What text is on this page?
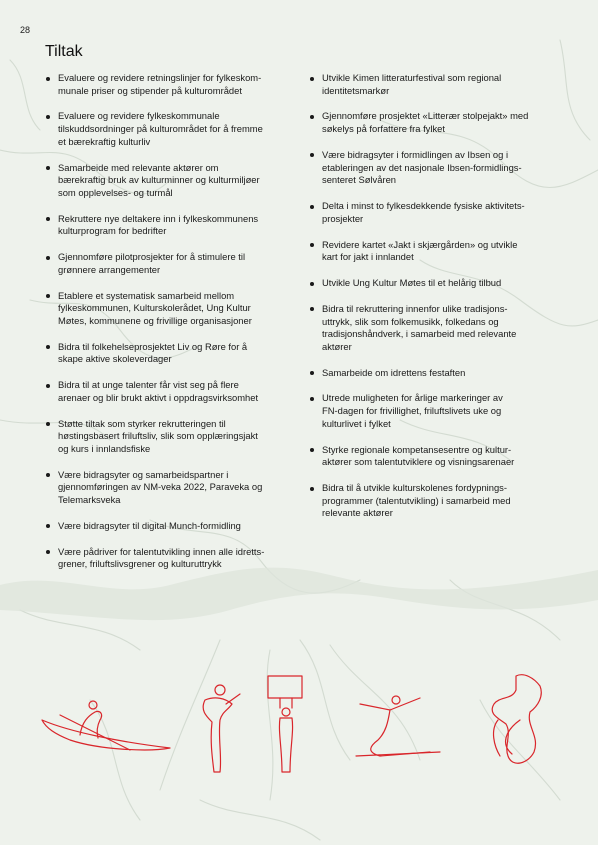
28
Tiltak
Evaluere og revidere retningslinjer for fylkeskom-
munale priser og stipender på kulturområdet
Evaluere og revidere fylkeskommunale
tilskuddsordninger på kulturområdet for å fremme
et bærekraftig kulturliv
Samarbeide med relevante aktører om
bærekraftig bruk av kulturminner og kulturmiljøer
som opplevelses- og turmål
Rekruttere nye deltakere inn i fylkeskommunens
kulturprogram for bedrifter
Gjennomføre pilotprosjekter for å stimulere til
grønnere arrangementer
Etablere et systematisk samarbeid mellom
fylkeskommunen, Kulturskolerådet, Ung Kultur
Møtes, kommunene og frivillige organisasjoner
Bidra til folkehelseprosjektet Liv og Røre for å
skape aktive skoleverdager
Bidra til at unge talenter får vist seg på flere
arenaer og blir brukt aktivt i oppdragsvirksomhet
Støtte tiltak som styrker rekrutteringen til
høstingsbasert friluftsliv, slik som opplæringsjakt
og kurs i innlandsfiske
Være bidragsyter og samarbeidspartner i
gjennomføringen av NM-veka 2022, Paraveka og
Telemarksveka
Være bidragsyter til digital Munch-formidling
Være pådriver for talentutvikling innen alle idretts-
grener, friluftslivsgrener og kulturuttrykk
Utvikle Kimen litteraturfestival som regional
identitetsmarkør
Gjennomføre prosjektet «Litterær stolpejakt» med
søkelys på forfattere fra fylket
Være bidragsyter i formidlingen av Ibsen og i
etableringen av det nasjonale Ibsen-formidlings-
senteret Sølvåren
Delta i minst to fylkesdekkende fysiske aktivitets-
prosjekter
Revidere kartet «Jakt i skjærgården» og utvikle
kart for jakt i innlandet
Utvikle Ung Kultur Møtes til et helårig tilbud
Bidra til rekruttering innenfor ulike tradisjons-
uttrykk, slik som folkemusikk, folkedans og
tradisjonshåndverk, i samarbeid med relevante
aktører
Samarbeide om idrettens festaften
Utrede muligheten for årlige markeringer av
FN-dagen for frivillighet, friluftslivets uke og
kulturlivet i fylket
Styrke regionale kompetansesentre og kultur-
aktører som talentutviklere og visningsarenaer
Bidra til å utvikle kulturskolenes fordypnings-
programmer (talentutvikling) i samarbeid med
relevante aktører
